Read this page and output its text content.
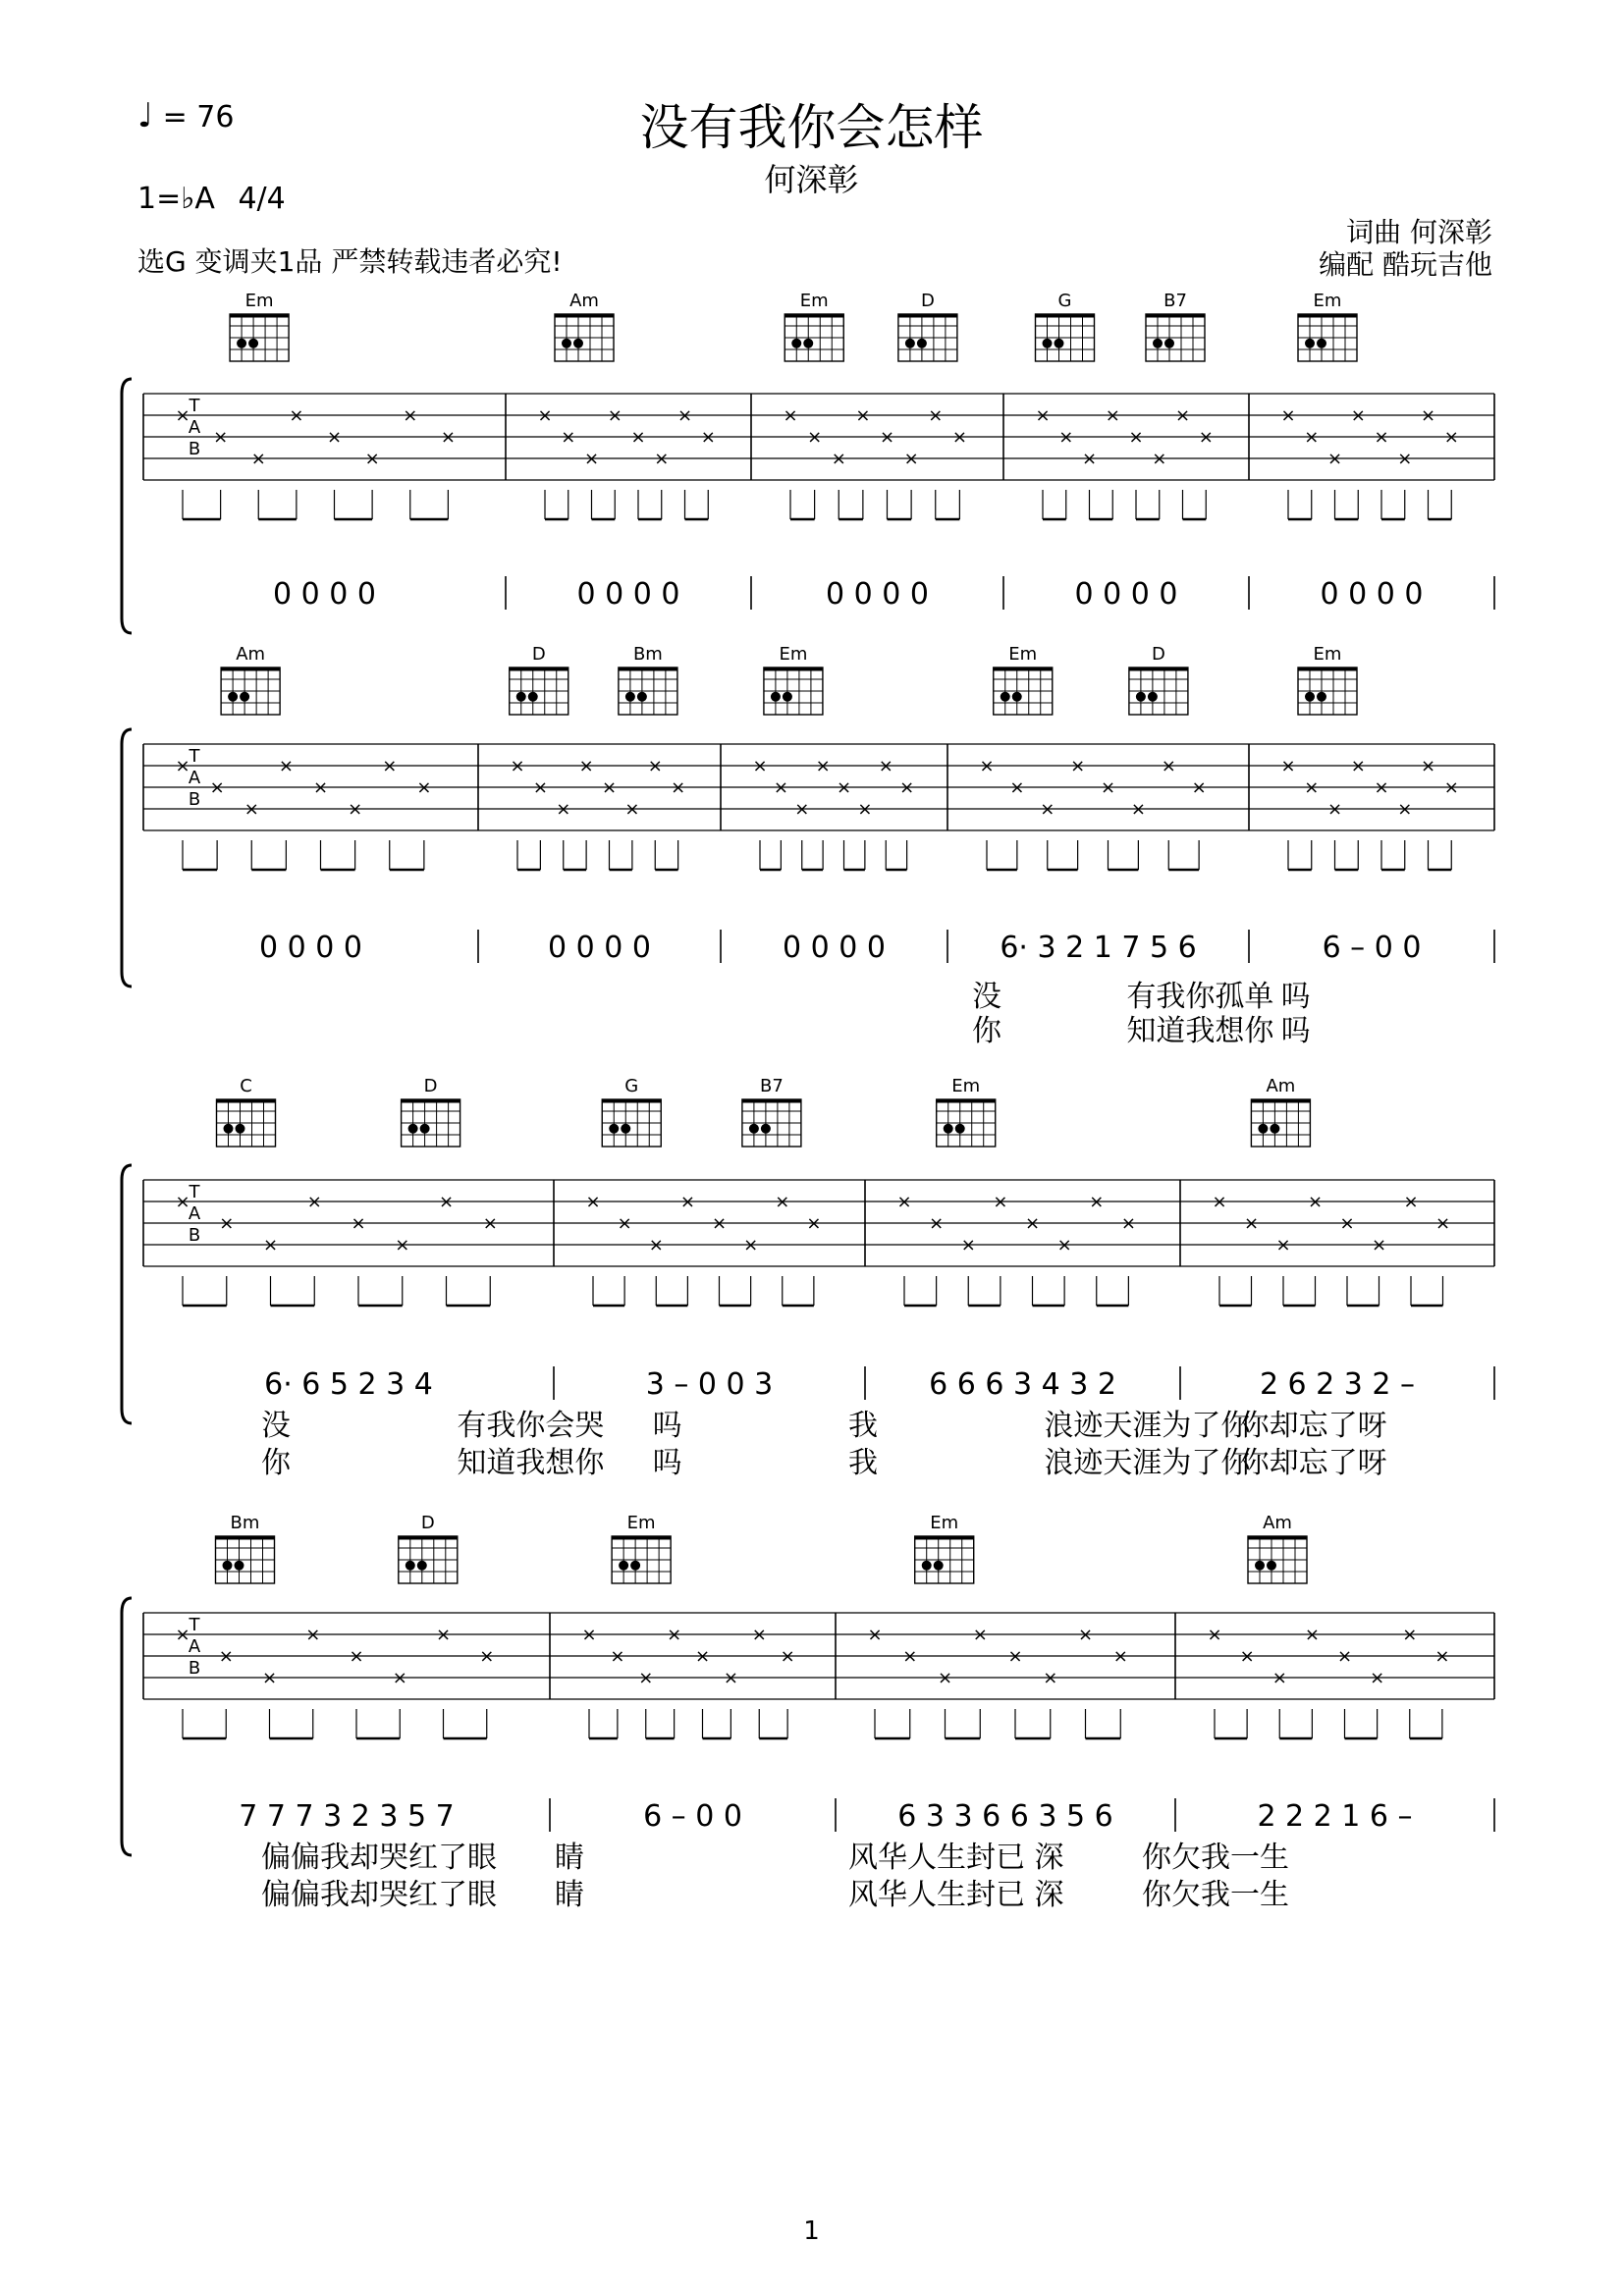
♩ = 76	没有我你会怎样
何深彰
1=♭A 4/4
词曲 何深彰
选G 变调夹1品 严禁转载违者必究!	编配 酷玩吉他
T
A
B
Em
×
×
×
×
×
×
×
×
0 0 0 0
Am
×
×
×
×
×
×
×
×
0 0 0 0
Em	D
×
×
×
×
×
×
×
×
0 0 0 0
G	B7
×
×
×
×
×
×
×
×
0 0 0 0
Em
×
×
×
×
×
×
×
×
0 0 0 0
T
A
B
Am
×
×
×
×
×
×
×
×
0 0 0 0
D	Bm
×
×
×
×
×
×
×
×
0 0 0 0
Em
×
×
×
×
×
×
×
×
0 0 0 0
Em	D
×
×
×
×
×
×
×
×
6· 3 2 1 7 5 6
Em
×
×
×
×
×
×
×
×
6 – 0 0
没	有我你孤单 吗
你	知道我想你 吗
T
A
B
C	D
×
×
×
×
×
×
×
×
6· 6 5 2 3 4
G	B7
×
×
×
×
×
×
×
×
3 – 0 0 3
Em
×
×
×
×
×
×
×
×
6 6 6 3 4 3 2
Am
×
×
×
×
×
×
×
×
2 6 2 3 2 –
没	有我你会哭 吗	我	浪迹天涯为了你
你却忘了呀
你	知道我想你 吗	我	浪迹天涯为了你
你却忘了呀
T
A
B
Bm	D
×
×
×
×
×
×
×
×
7 7 7 3 2 3 5 7
Em
×
×
×
×
×
×
×
×
6 – 0 0
Em
×
×
×
×
×
×
×
×
6 3 3 6 6 3 5 6
Am
×
×
×
×
×
×
×
×
2 2 2 1 6 –
偏偏我却哭红了眼 睛	风华人生封已 深	你欠我一生
偏偏我却哭红了眼 睛	风华人生封已 深	你欠我一生
1
